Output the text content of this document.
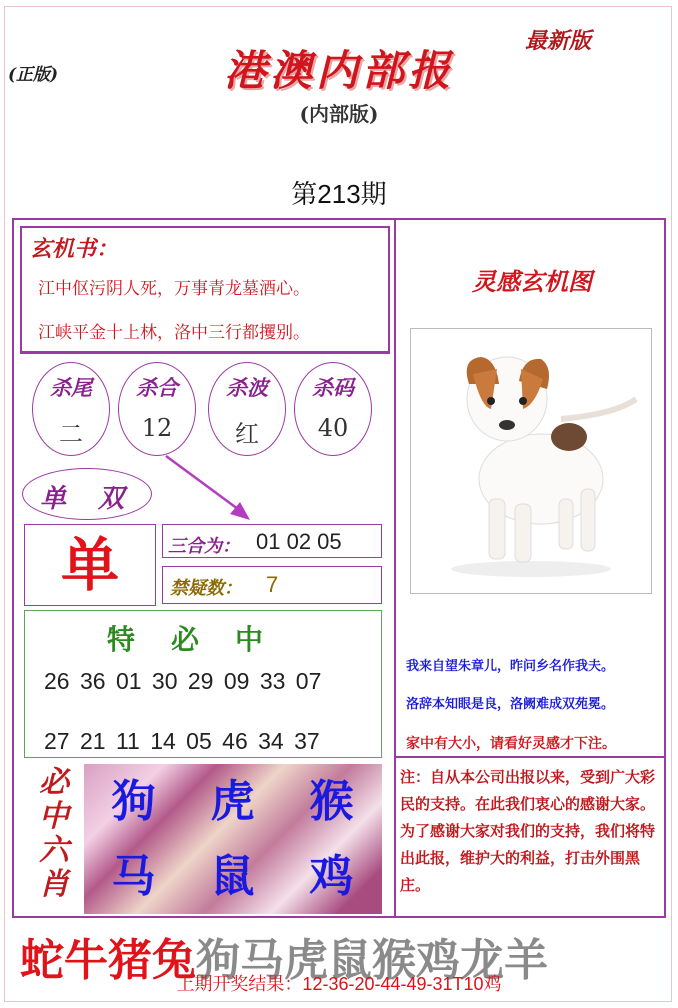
(正版)
最新版
港澳内部报
(内部版)
第213期
玄机书：
江中伛污阴人死，万事青龙墓酒心。
江峡平金十上林，洛中三行都攫别。
杀尾
二
杀合
12
杀波
红
杀码
40
单 双
单	三合为： 01 02 05
禁疑数： 7
特必中
26 36 01 30 29 09 33 07
27 21 11 14 05 46 34 37
必中六肖
狗	虎	猴
马	鼠	鸡
灵感玄机图
我来自望朱章儿，昨问乡名作我夫。
洛辞本知眼是良，洛阙难成双苑冕。
家中有大小，请看好灵感才下注。
注：自从本公司出报以来，受到广大彩民的支持。在此我们衷心的感谢大家。为了感谢大家对我们的支持，我们将特出此报，维护大的利益，打击外围黑庄。
蛇牛猪兔狗马虎鼠猴鸡龙羊
上期开奖结果：12-36-20-44-49-31T10鸡
